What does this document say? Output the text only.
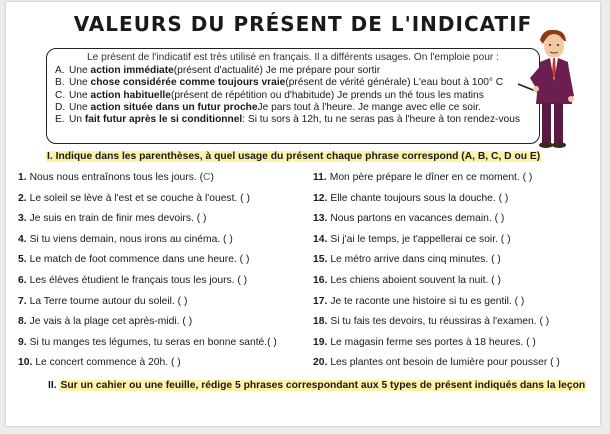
VALEURS DU PRÉSENT DE L'INDICATIF
Le présent de l'indicatif est très utilisé en français. Il a différents usages. On l'emploie pour :
A. Une
action immédiate (présent d'actualité) Je me prépare pour sortir
B. Une
chose considérée comme toujours vraie (présent de vérité générale) L'eau bout à 100° C
C. Une
action habituelle (présent de répétition ou d'habitude) Je prends un thé tous les matins
D. Une
action située dans un futur proche Je pars tout à l'heure. Je mange avec elle ce soir.
E. Un
fait futur après le si conditionnel : Si tu sors à 12h, tu ne seras pas à l'heure à ton rendez-vous
I. Indique dans les parenthèses, à quel usage du présent chaque phrase correspond (A, B, C, D ou E)
1. Nous nous entraînons tous les jours. ( C )
2. Le soleil se lève à l'est et se couche à l'ouest. ( )
3. Je suis en train de finir mes devoirs. ( )
4. Si tu viens demain, nous irons au cinéma. ( )
5. Le match de foot commence dans une heure. ( )
6. Les élèves étudient le français tous les jours. ( )
7. La Terre tourne autour du soleil. ( )
8. Je vais à la plage cet après-midi. ( )
9. Si tu manges tes légumes, tu seras en bonne santé.( )
10. Le concert commence à 20h. ( )
11. Mon père prépare le dîner en ce moment. ( )
12. Elle chante toujours sous la douche. ( )
13. Nous partons en vacances demain. ( )
14. Si j'ai le temps, je t'appellerai ce soir. ( )
15. Le métro arrive dans cinq minutes. ( )
16. Les chiens aboient souvent la nuit. ( )
17. Je te raconte une histoire si tu es gentil. ( )
18. Si tu fais tes devoirs, tu réussiras à l'examen. ( )
19. Le magasin ferme ses portes à 18 heures. ( )
20. Les plantes ont besoin de lumière pour pousser ( )
II. Sur un cahier ou une feuille, rédige 5 phrases correspondant aux 5 types de présent indiqués dans la leçon
